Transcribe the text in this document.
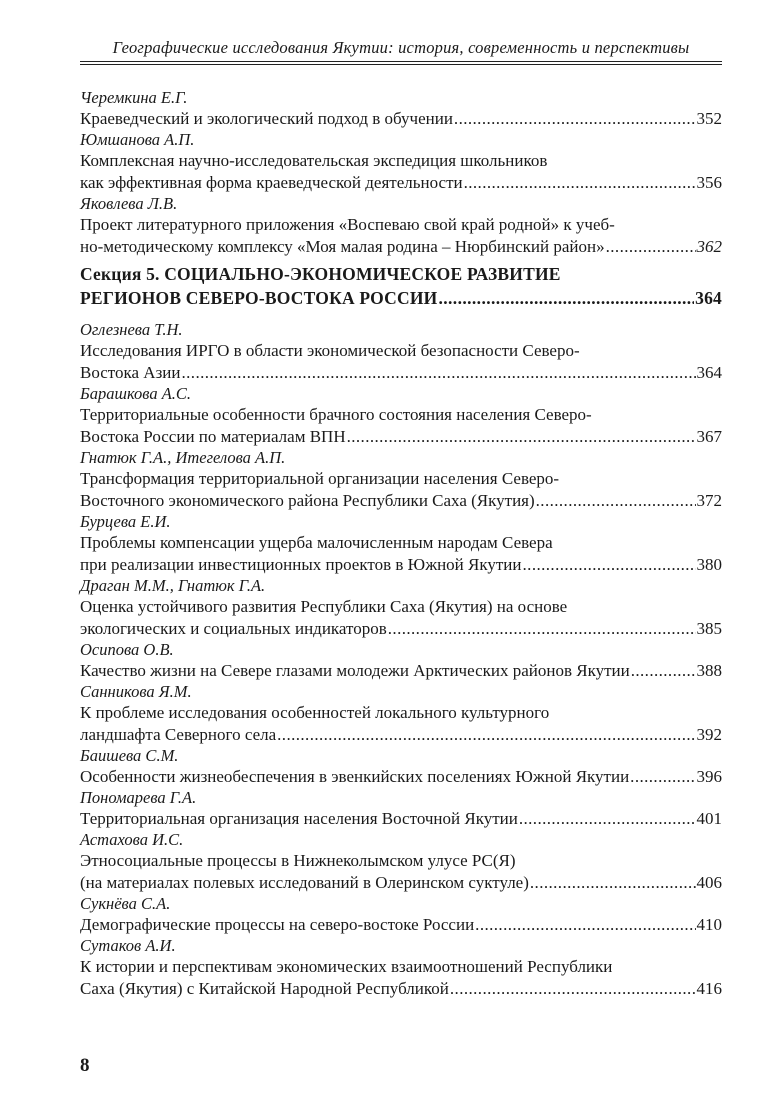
Географические исследования Якутии: история, современность и перспективы
Черемкина Е.Г.
Краеведческий и экологический подход в обучении .....	352
Юмшанова А.П.
Комплексная научно-исследовательская экспедиция школьников
как эффективная форма краеведческой деятельности .....	356
Яковлева Л.В.
Проект литературного приложения «Воспеваю свой край родной» к учеб-
но-методическому комплексу «Моя малая родина – Нюрбинский район» .....	362
Секция 5. СОЦИАЛЬНО-ЭКОНОМИЧЕСКОЕ РАЗВИТИЕ
РЕГИОНОВ СЕВЕРО-ВОСТОКА РОССИИ .....	364
Оглезнева Т.Н.
Исследования ИРГО в области экономической безопасности Северо-
Востока Азии .....	364
Барашкова А.С.
Территориальные особенности брачного состояния населения Северо-
Востока России по материалам ВПН .....	367
Гнатюк Г.А., Итегелова А.П.
Трансформация территориальной организации населения Северо-
Восточного экономического района Республики Саха (Якутия) .....	372
Бурцева Е.И.
Проблемы компенсации ущерба малочисленным народам Севера
при реализации инвестиционных проектов в Южной Якутии .....	380
Драган М.М., Гнатюк Г.А.
Оценка устойчивого развития Республики Саха (Якутия) на основе
экологических и социальных индикаторов .....	385
Осипова О.В.
Качество жизни на Севере глазами молодежи Арктических районов Якутии .....	388
Санникова Я.М.
К проблеме исследования особенностей локального культурного
ландшафта Северного села .....	392
Баишева С.М.
Особенности жизнеобеспечения в эвенкийских поселениях Южной Якутии .....	396
Пономарева Г.А.
Территориальная организация населения Восточной Якутии .....	401
Астахова И.С.
Этносоциальные процессы в Нижнеколымском улусе РС(Я)
(на материалах полевых исследований в Олеринском суктуле) .....	406
Сукнёва С.А.
Демографические процессы на северо-востоке России .....	410
Сутаков А.И.
К истории и перспективам экономических взаимоотношений Республики
Саха (Якутия) с Китайской Народной Республикой .....	416
8
